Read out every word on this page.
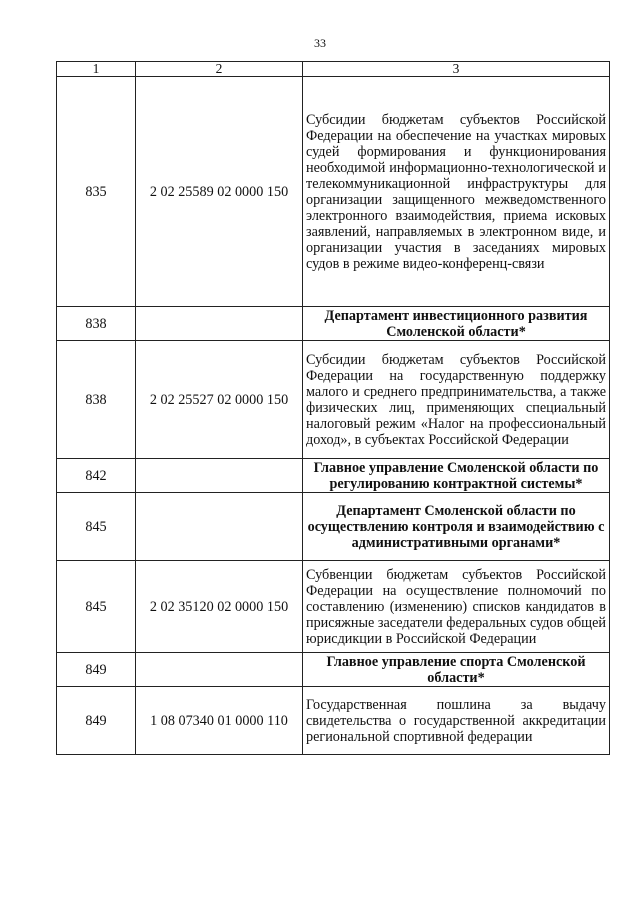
33
1	2	3
835	2 02 25589 02 0000 150	Субсидии бюджетам субъектов Российской Федерации на обеспечение на участках мировых судей формирования и функционирования необходимой информационно-технологической и телекоммуникационной инфраструктуры для организации защищенного межведомственного электронного взаимодействия, приема исковых заявлений, направляемых в электронном виде, и организации участия в заседаниях мировых судов в режиме видео-конференц-связи
838		Департамент инвестиционного развития Смоленской области*
838	2 02 25527 02 0000 150	Субсидии бюджетам субъектов Российской Федерации на государственную поддержку малого и среднего предпринимательства, а также физических лиц, применяющих специальный налоговый режим «Налог на профессиональный доход», в субъектах Российской Федерации
842		Главное управление Смоленской области по регулированию контрактной системы*
845		Департамент Смоленской области по осуществлению контроля и взаимодействию с административными органами*
845	2 02 35120 02 0000 150	Субвенции бюджетам субъектов Российской Федерации на осуществление полномочий по составлению (изменению) списков кандидатов в присяжные заседатели федеральных судов общей юрисдикции в Российской Федерации
849		Главное управление спорта Смоленской области*
849	1 08 07340 01 0000 110	Государственная пошлина за выдачу свидетельства о государственной аккредитации региональной спортивной федерации
